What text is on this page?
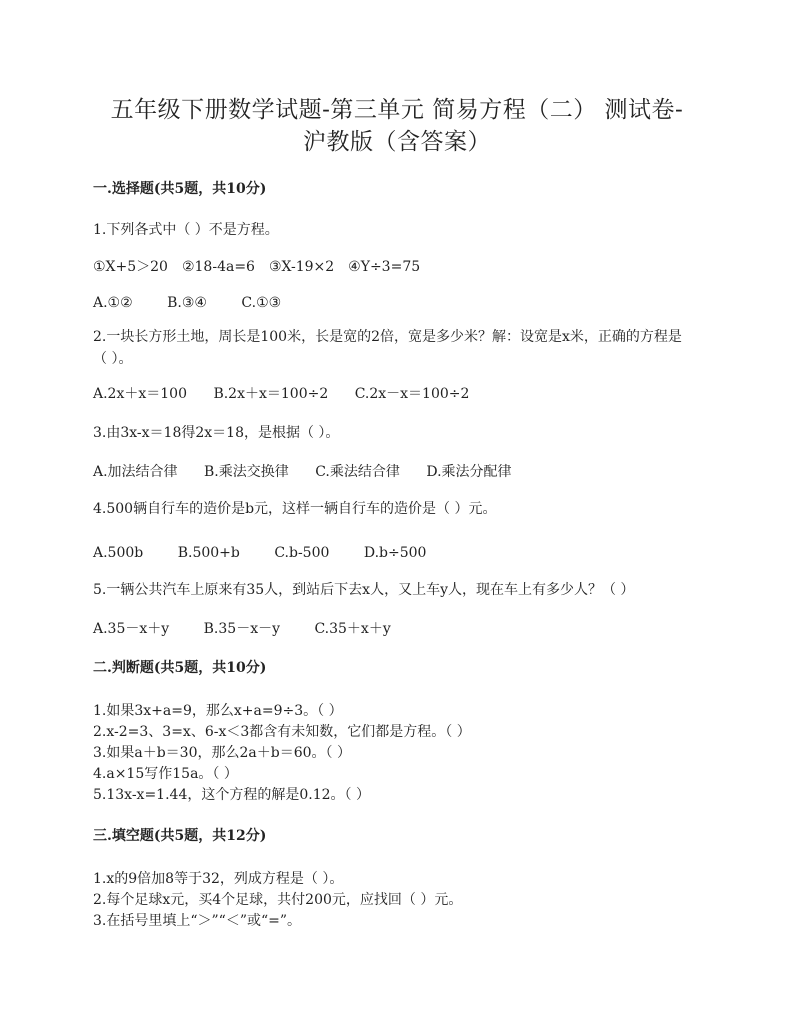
五年级下册数学试题-第三单元 简易方程（二） 测试卷-
沪教版（含答案）
一.选择题(共5题，共10分)
1.下列各式中（ ）不是方程。
①X+5＞20　②18-4a=6　③X-19×2　④Y÷3=75
A.①② B.③④ C.①③
2.一块长方形土地，周长是100米，长是宽的2倍，宽是多少米？解：设宽是x米，正确的方程是（ ）。
A.2x＋x＝100 B.2x＋x＝100÷2 C.2x－x＝100÷2
3.由3x-x＝18得2x＝18，是根据（ ）。
A.加法结合律 B.乘法交换律 C.乘法结合律 D.乘法分配律
4.500辆自行车的造价是b元，这样一辆自行车的造价是（ ）元。
A.500b B.500+b C.b-500 D.b÷500
5.一辆公共汽车上原来有35人，到站后下去x人，又上车y人，现在车上有多少人？（ ）
A.35－x＋y B.35－x－y C.35＋x＋y
二.判断题(共5题，共10分)
1.如果3x+a=9，那么x+a=9÷3。（ ）
2.x-2=3、3=x、6-x＜3都含有未知数，它们都是方程。（ ）
3.如果a＋b＝30，那么2a＋b＝60。（ ）
4.a×15写作15a。（ ）
5.13x-x=1.44，这个方程的解是0.12。（ ）
三.填空题(共5题，共12分)
1.x的9倍加8等于32，列成方程是（ ）。
2.每个足球x元，买4个足球，共付200元，应找回（ ）元。
3.在括号里填上“＞”“＜”或“=”。
